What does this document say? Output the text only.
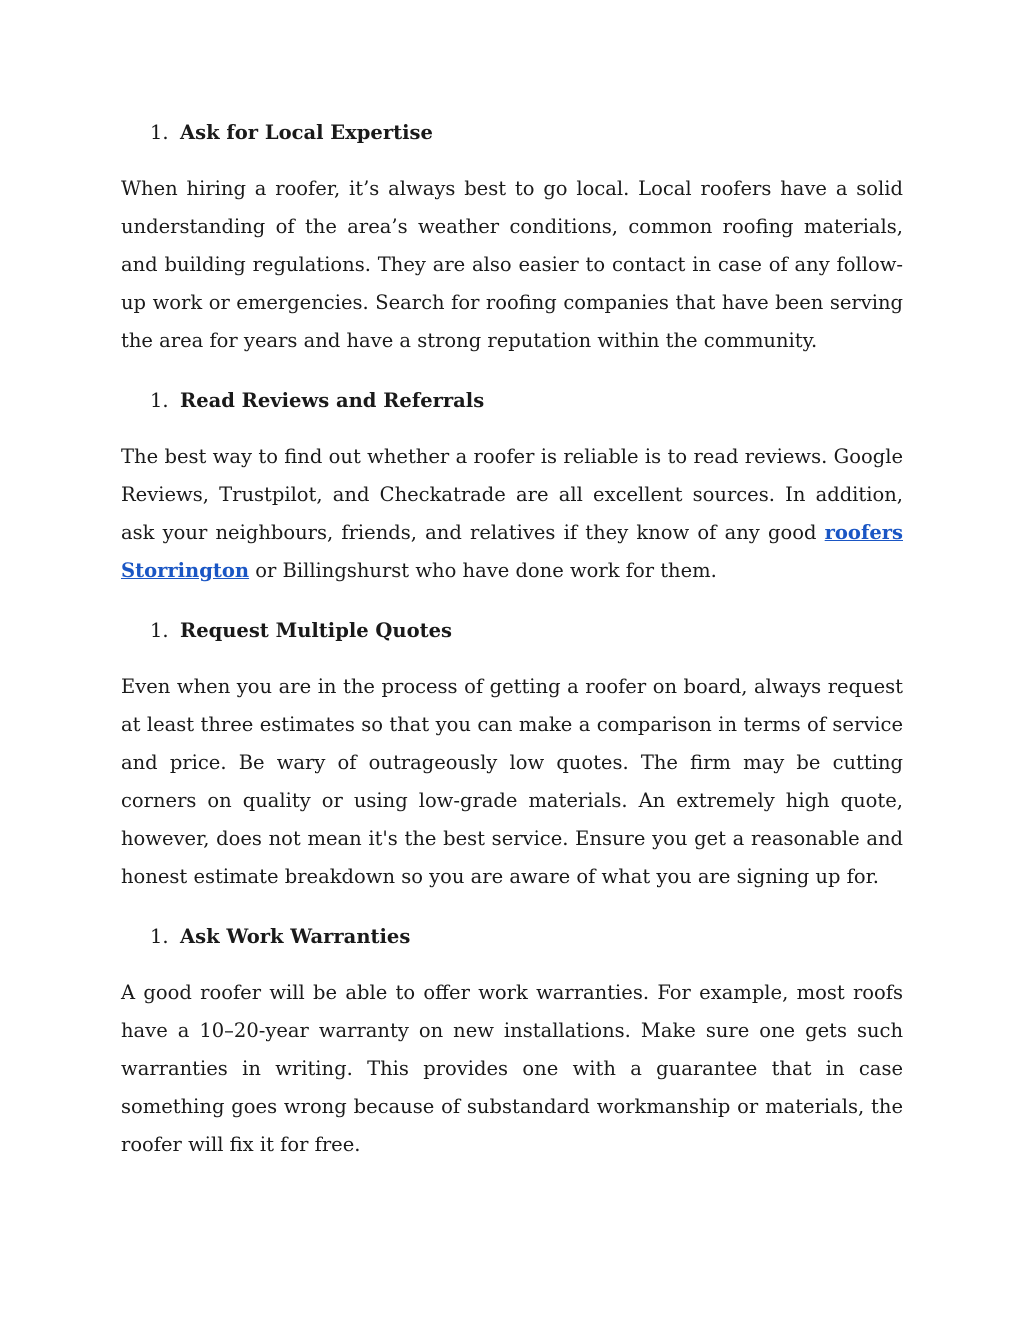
1. Ask for Local Expertise

When hiring a roofer, it’s always best to go local. Local roofers have a solid understanding of the area’s weather conditions, common roofing materials, and building regulations. They are also easier to contact in case of any follow-up work or emergencies. Search for roofing companies that have been serving the area for years and have a strong reputation within the community.

1. Read Reviews and Referrals

The best way to find out whether a roofer is reliable is to read reviews. Google Reviews, Trustpilot, and Checkatrade are all excellent sources. In addition, ask your neighbours, friends, and relatives if they know of any good roofers Storrington or Billingshurst who have done work for them.

1. Request Multiple Quotes

Even when you are in the process of getting a roofer on board, always request at least three estimates so that you can make a comparison in terms of service and price. Be wary of outrageously low quotes. The firm may be cutting corners on quality or using low-grade materials. An extremely high quote, however, does not mean it's the best service. Ensure you get a reasonable and honest estimate breakdown so you are aware of what you are signing up for.

1. Ask Work Warranties

A good roofer will be able to offer work warranties. For example, most roofs have a 10–20-year warranty on new installations. Make sure one gets such warranties in writing. This provides one with a guarantee that in case something goes wrong because of substandard workmanship or materials, the roofer will fix it for free.
